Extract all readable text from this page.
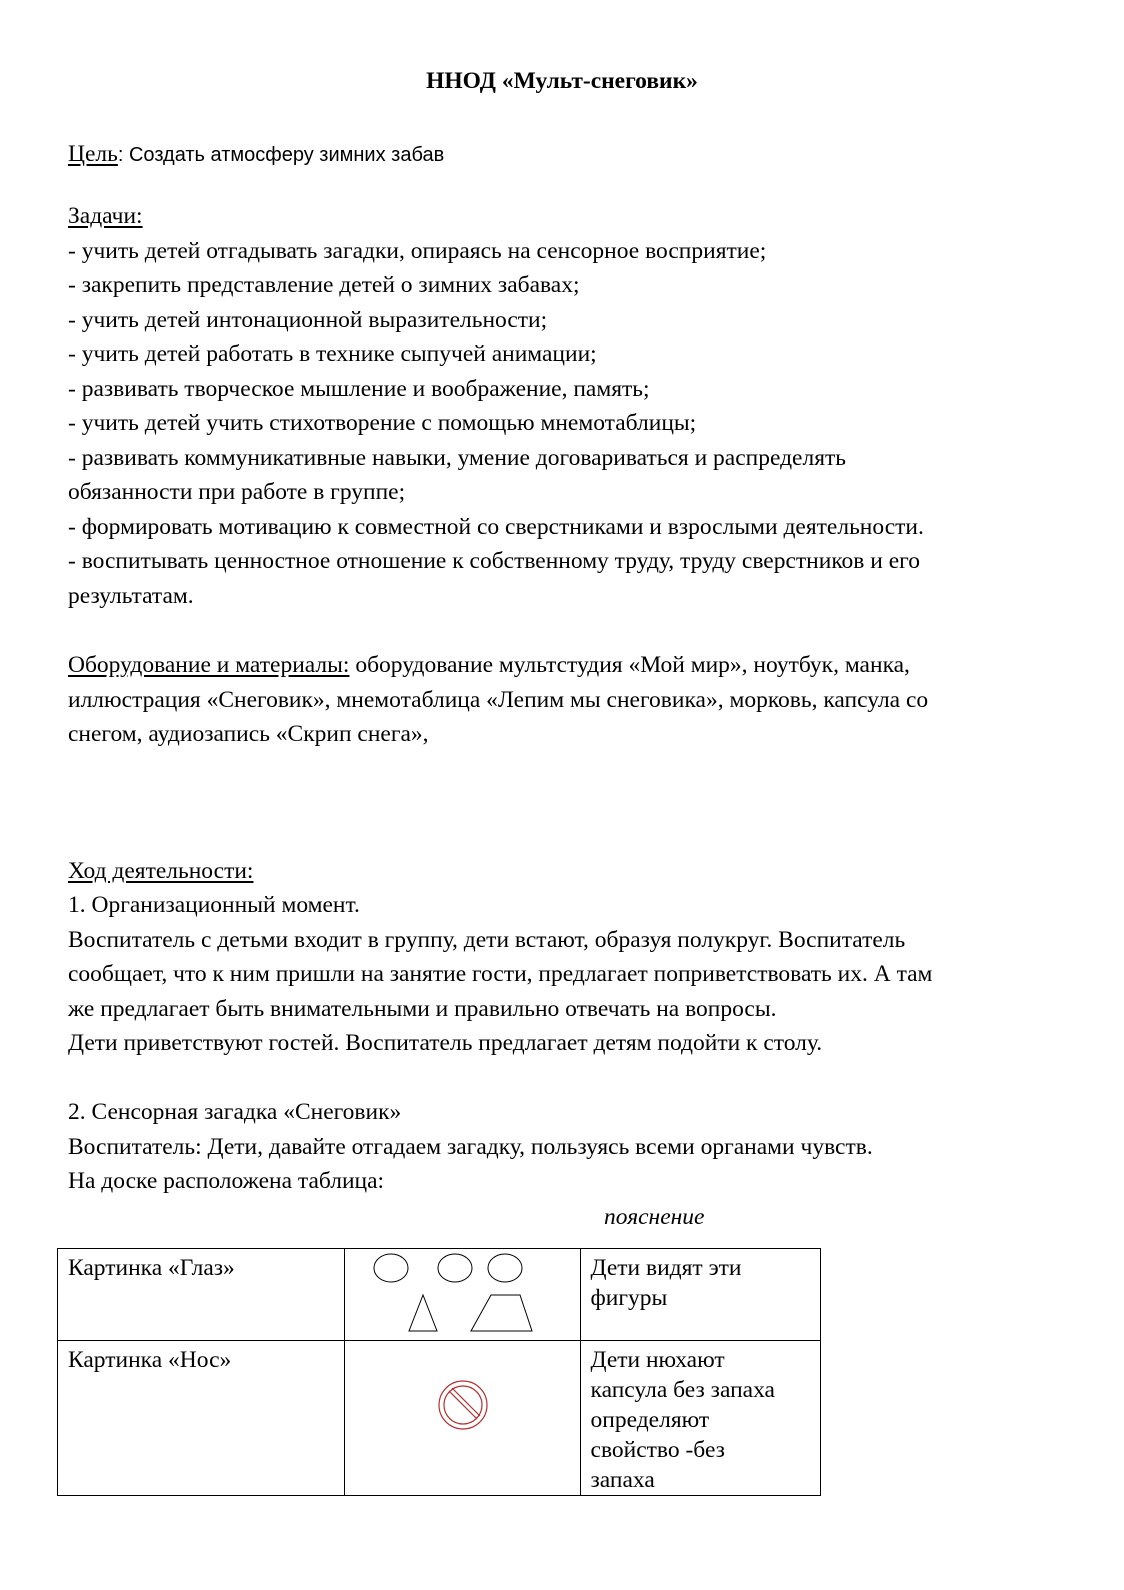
ННОД «Мульт-снеговик»
Цель: Создать атмосферу зимних забав
Задачи:
- учить детей отгадывать загадки, опираясь на сенсорное восприятие;
- закрепить представление детей о зимних забавах;
- учить детей интонационной выразительности;
- учить детей работать в технике сыпучей анимации;
- развивать творческое мышление и воображение, память;
- учить детей учить стихотворение с помощью мнемотаблицы;
- развивать коммуникативные навыки, умение договариваться и распределять
обязанности при работе в группе;
- формировать мотивацию к совместной со сверстниками и взрослыми деятельности.
- воспитывать ценностное отношение к собственному труду, труду сверстников и его
результатам.
Оборудование и материалы: оборудование мультстудия «Мой мир», ноутбук, манка,
иллюстрация «Снеговик», мнемотаблица «Лепим мы снеговика», морковь, капсула со
снегом, аудиозапись «Скрип снега»,
Ход деятельности:
1. Организационный момент.
Воспитатель с детьми входит в группу, дети встают, образуя полукруг. Воспитатель
сообщает, что к ним пришли на занятие гости, предлагает поприветствовать их. А там
же предлагает быть внимательными и правильно отвечать на вопросы.
Дети приветствуют гостей. Воспитатель предлагает детям подойти к столу.
2. Сенсорная загадка «Снеговик»
Воспитатель: Дети, давайте отгадаем загадку, пользуясь всеми органами чувств.
На доске расположена таблица:
пояснение
Картинка «Глаз»		Дети видят эти
фигуры

Картинка «Нос»		Дети нюхают
капсула без запаха
определяют
свойство -без
запаха
